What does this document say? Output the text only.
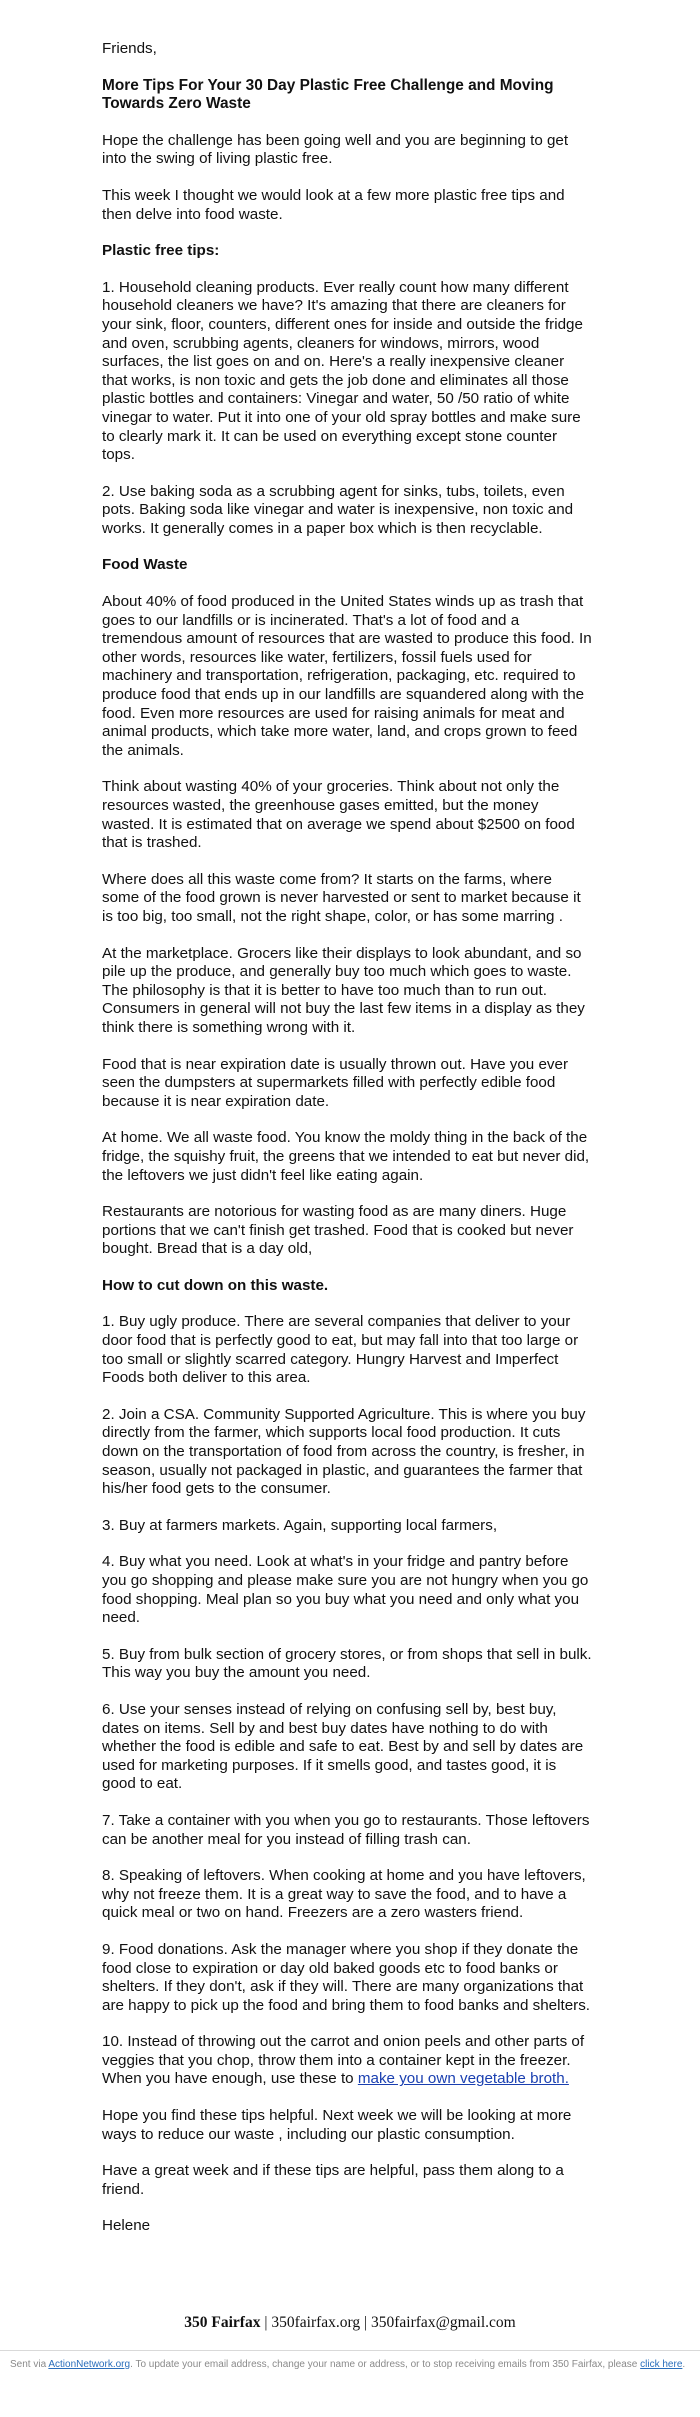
Friends,

More Tips For Your 30 Day Plastic Free Challenge and Moving Towards Zero Waste

Hope the challenge has been going well and you are beginning to get into the swing of living plastic free.

This week I thought we would look at a few more plastic free tips and then delve into food waste.

Plastic free tips:

1. Household cleaning products. Ever really count how many different household cleaners we have? It's amazing that there are cleaners for your sink, floor, counters, different ones for inside and outside the fridge and oven, scrubbing agents, cleaners for windows, mirrors, wood surfaces, the list goes on and on. Here's a really inexpensive cleaner that works, is non toxic and gets the job done and eliminates all those plastic bottles and containers: Vinegar and water, 50 /50 ratio of white vinegar to water. Put it into one of your old spray bottles and make sure to clearly mark it. It can be used on everything except stone counter tops.

2. Use baking soda as a scrubbing agent for sinks, tubs, toilets, even pots. Baking soda like vinegar and water is inexpensive, non toxic and works. It generally comes in a paper box which is then recyclable.

Food Waste

About 40% of food produced in the United States winds up as trash that goes to our landfills or is incinerated. That's a lot of food and a tremendous amount of resources that are wasted to produce this food. In other words, resources like water, fertilizers, fossil fuels used for machinery and transportation, refrigeration, packaging, etc. required to produce food that ends up in our landfills are squandered along with the food. Even more resources are used for raising animals for meat and animal products, which take more water, land, and crops grown to feed the animals.

Think about wasting 40% of your groceries. Think about not only the resources wasted, the greenhouse gases emitted, but the money wasted. It is estimated that on average we spend about $2500 on food that is trashed.

Where does all this waste come from? It starts on the farms, where some of the food grown is never harvested or sent to market because it is too big, too small, not the right shape, color, or has some marring .

At the marketplace. Grocers like their displays to look abundant, and so pile up the produce, and generally buy too much which goes to waste. The philosophy is that it is better to have too much than to run out. Consumers in general will not buy the last few items in a display as they think there is something wrong with it.

Food that is near expiration date is usually thrown out. Have you ever seen the dumpsters at supermarkets filled with perfectly edible food because it is near expiration date.

At home. We all waste food. You know the moldy thing in the back of the fridge, the squishy fruit, the greens that we intended to eat but never did, the leftovers we just didn't feel like eating again.

Restaurants are notorious for wasting food as are many diners. Huge portions that we can't finish get trashed. Food that is cooked but never bought. Bread that is a day old,

How to cut down on this waste.

1. Buy ugly produce. There are several companies that deliver to your door food that is perfectly good to eat, but may fall into that too large or too small or slightly scarred category. Hungry Harvest and Imperfect Foods both deliver to this area.

2. Join a CSA. Community Supported Agriculture. This is where you buy directly from the farmer, which supports local food production. It cuts down on the transportation of food from across the country, is fresher, in season, usually not packaged in plastic, and guarantees the farmer that his/her food gets to the consumer.

3. Buy at farmers markets. Again, supporting local farmers,

4. Buy what you need. Look at what's in your fridge and pantry before you go shopping and please make sure you are not hungry when you go food shopping. Meal plan so you buy what you need and only what you need.

5. Buy from bulk section of grocery stores, or from shops that sell in bulk. This way you buy the amount you need.

6. Use your senses instead of relying on confusing sell by, best buy, dates on items. Sell by and best buy dates have nothing to do with whether the food is edible and safe to eat. Best by and sell by dates are used for marketing purposes. If it smells good, and tastes good, it is good to eat.

7. Take a container with you when you go to restaurants. Those leftovers can be another meal for you instead of filling trash can.

8. Speaking of leftovers. When cooking at home and you have leftovers, why not freeze them. It is a great way to save the food, and to have a quick meal or two on hand. Freezers are a zero wasters friend.

9. Food donations. Ask the manager where you shop if they donate the food close to expiration or day old baked goods etc to food banks or shelters. If they don't, ask if they will. There are many organizations that are happy to pick up the food and bring them to food banks and shelters.

10. Instead of throwing out the carrot and onion peels and other parts of veggies that you chop, throw them into a container kept in the freezer. When you have enough, use these to make you own vegetable broth.

Hope you find these tips helpful. Next week we will be looking at more ways to reduce our waste , including our plastic consumption.

Have a great week and if these tips are helpful, pass them along to a friend.

Helene

350 Fairfax | 350fairfax.org | 350fairfax@gmail.com
Sent via ActionNetwork.org. To update your email address, change your name or address, or to stop receiving emails from 350 Fairfax, please click here.
